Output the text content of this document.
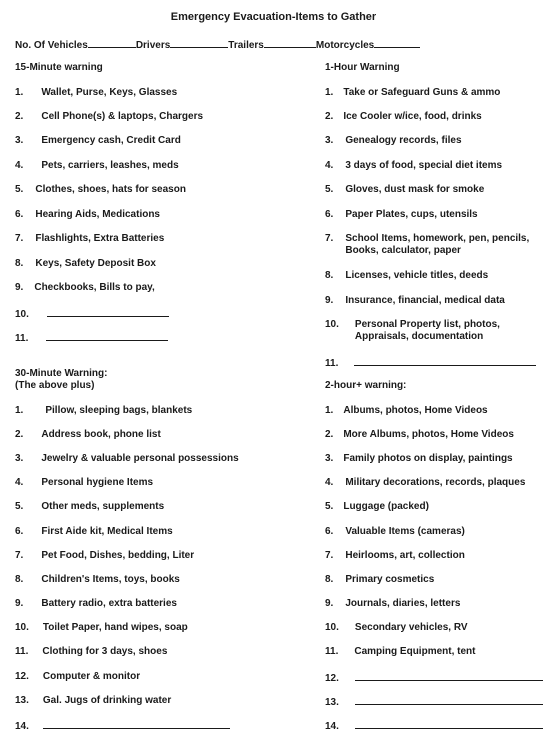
Emergency Evacuation-Items to Gather
No. Of Vehicles	Drivers	Trailers	Motorcycles
15-Minute warning	1-Hour Warning
30-Minute Warning:
(The above plus)	2-hour+ warning:
1. Wallet, Purse, Keys, Glasses
2. Cell Phone(s) & laptops, Chargers
3. Emergency cash, Credit Card
4. Pets, carriers, leashes, meds
5. Clothes, shoes, hats for season
6. Hearing Aids, Medications
7. Flashlights, Extra Batteries
8. Keys, Safety Deposit Box
9. Checkbooks, Bills to pay,
10.
11.
1. Take or Safeguard Guns & ammo
2. Ice Cooler w/ice, food, drinks
3. Genealogy records, files
4. 3 days of food, special diet items
5. Gloves, dust mask for smoke
6. Paper Plates, cups, utensils
7. School Items, homework, pen, pencils,
Books, calculator, paper
8. Licenses, vehicle titles, deeds
9. Insurance, financial, medical data
10. Personal Property list, photos,
Appraisals, documentation
11.
1. Pillow, sleeping bags, blankets
2. Address book, phone list
3. Jewelry & valuable personal possessions
4. Personal hygiene Items
5. Other meds, supplements
6. First Aide kit, Medical Items
7. Pet Food, Dishes, bedding, Liter
8. Children's Items, toys, books
9. Battery radio, extra batteries
10. Toilet Paper, hand wipes, soap
11. Clothing for 3 days, shoes
12. Computer & monitor
13. Gal. Jugs of drinking water
14.
1. Albums, photos, Home Videos
2. More Albums, photos, Home Videos
3. Family photos on display, paintings
4. Military decorations, records, plaques
5. Luggage (packed)
6. Valuable Items (cameras)
7. Heirlooms, art, collection
8. Primary cosmetics
9. Journals, diaries, letters
10. Secondary vehicles, RV
11. Camping Equipment, tent
12.
13.
14.
